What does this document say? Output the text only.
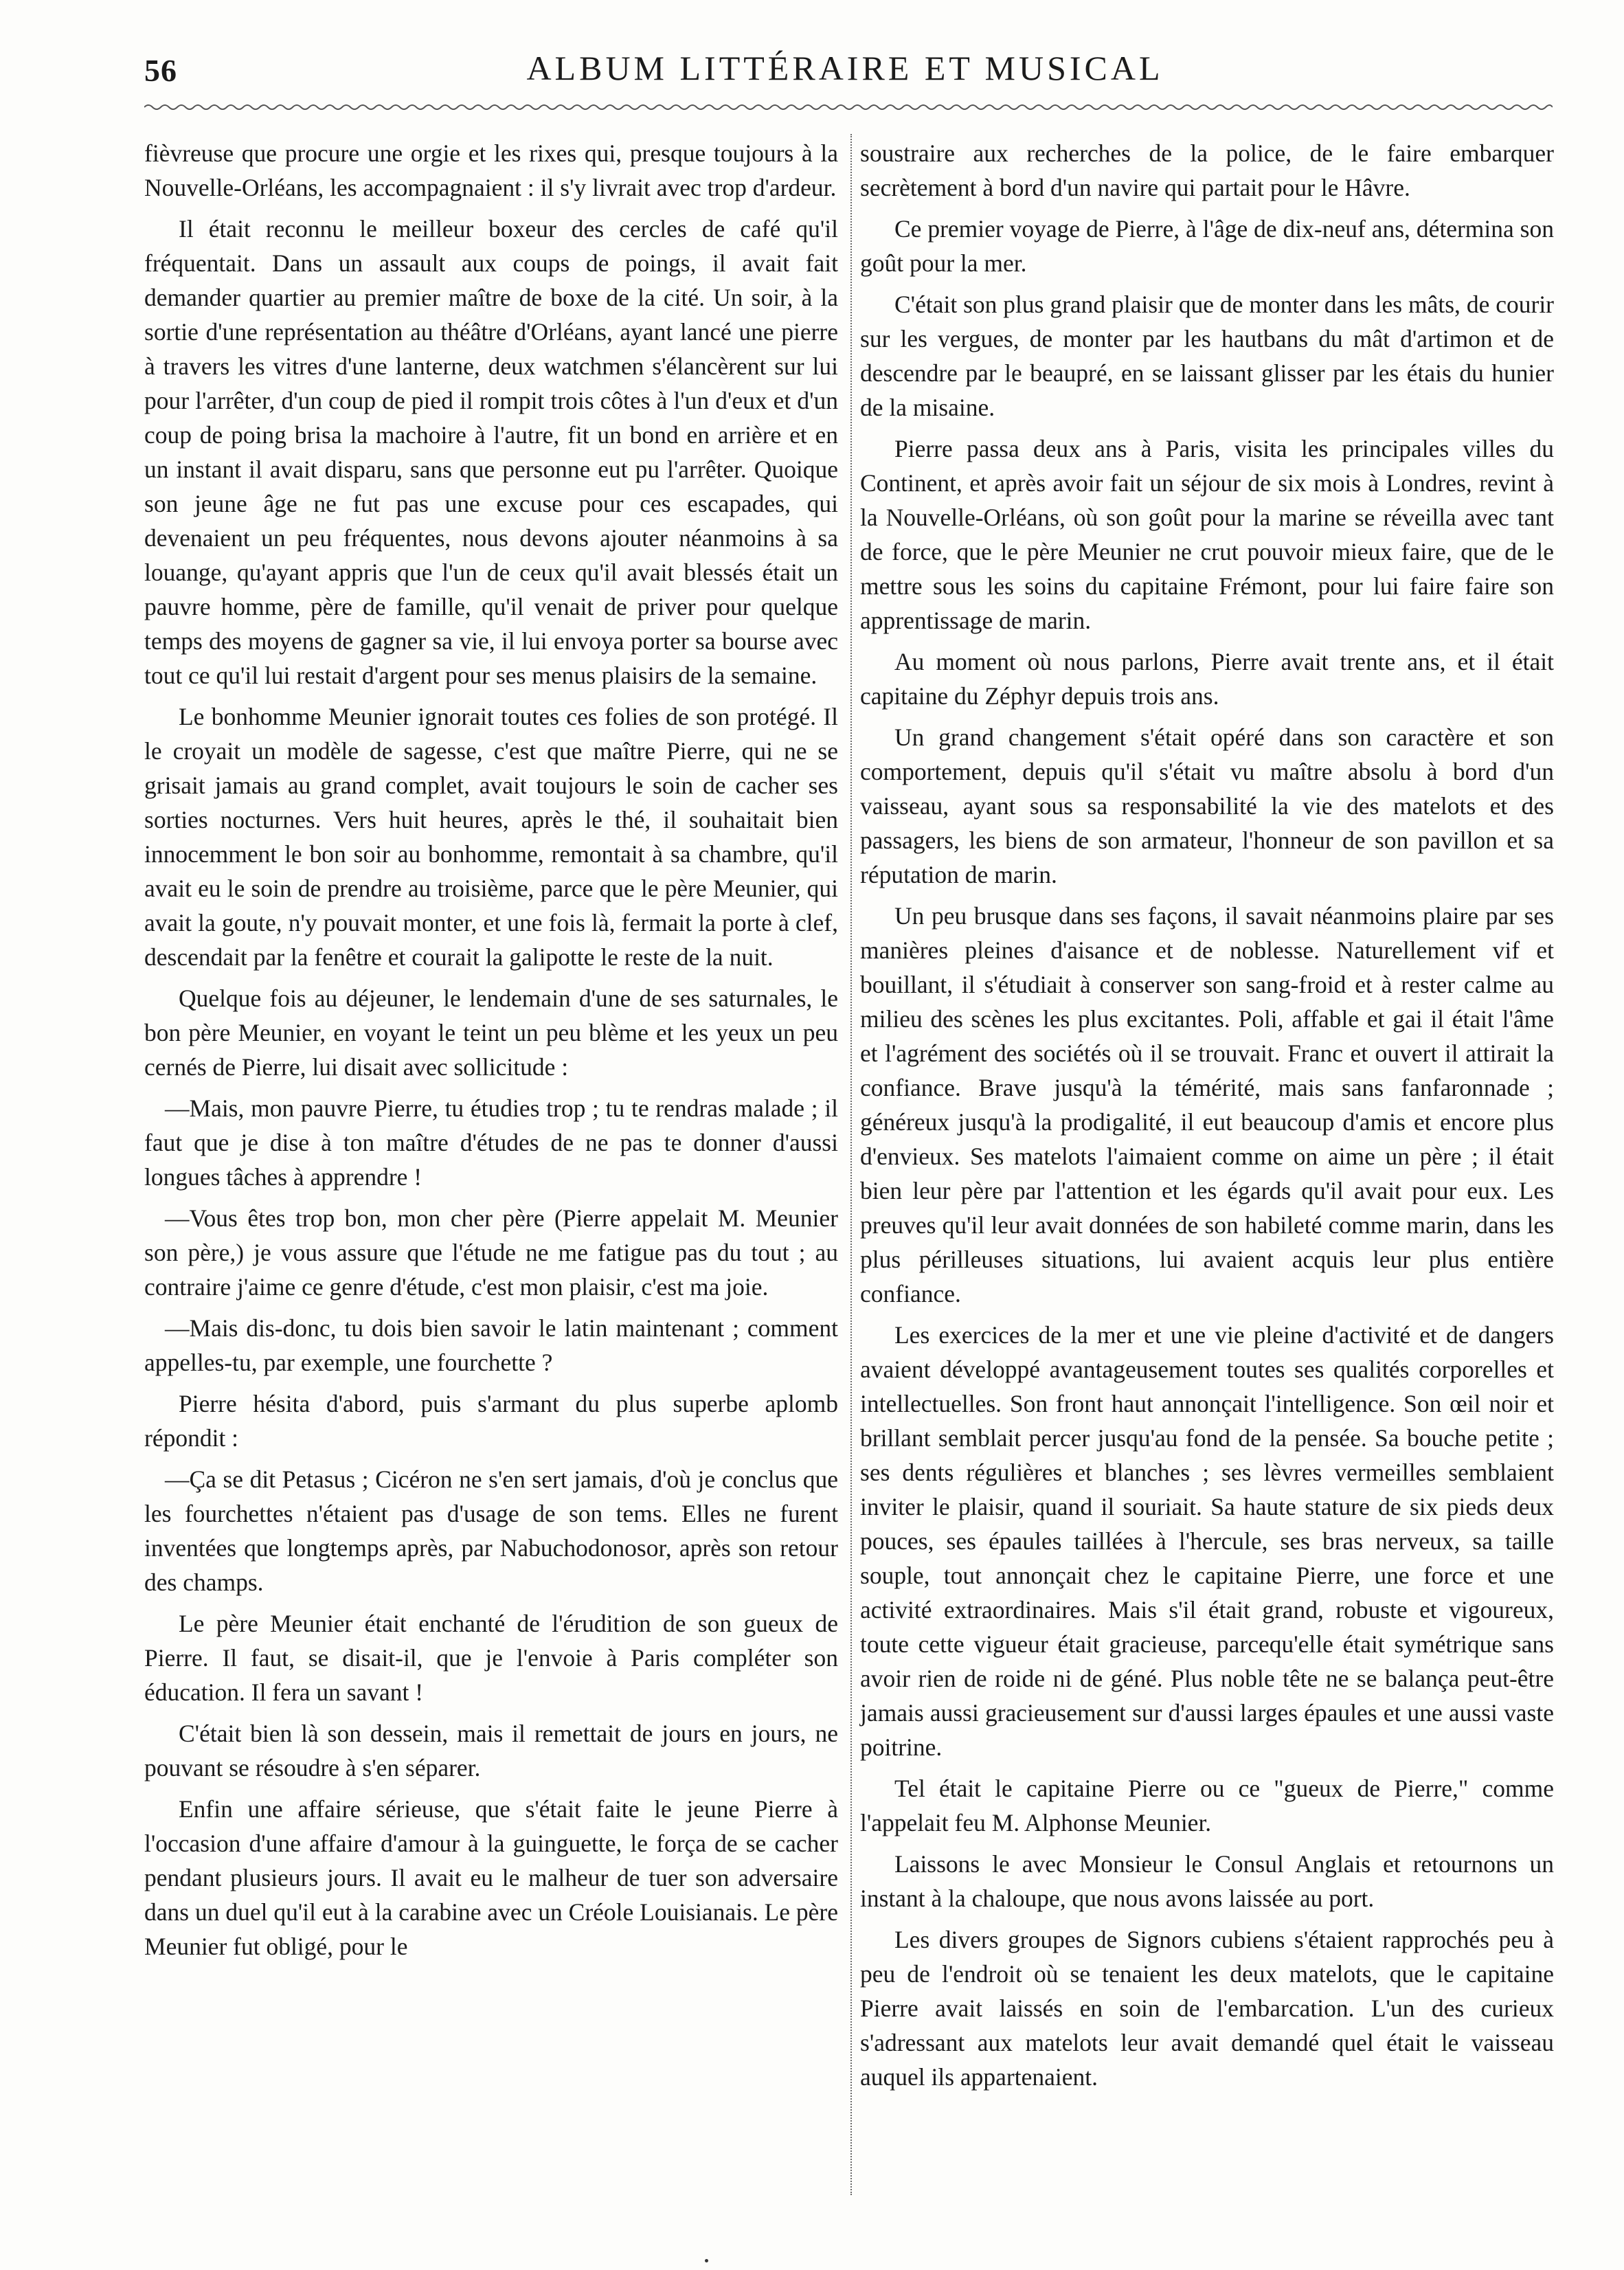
56	ALBUM LITTÉRAIRE ET MUSICAL

fièvreuse que procure une orgie et les rixes qui, presque toujours à la Nouvelle-Orléans, les accompagnaient : il s'y livrait avec trop d'ardeur.

Il était reconnu le meilleur boxeur des cercles de café qu'il fréquentait. Dans un assault aux coups de poings, il avait fait demander quartier au premier maître de boxe de la cité. Un soir, à la sortie d'une représentation au théâtre d'Orléans, ayant lancé une pierre à travers les vitres d'une lanterne, deux watchmen s'élancèrent sur lui pour l'arrêter, d'un coup de pied il rompit trois côtes à l'un d'eux et d'un coup de poing brisa la machoire à l'autre, fit un bond en arrière et en un instant il avait disparu, sans que personne eut pu l'arrêter. Quoique son jeune âge ne fut pas une excuse pour ces escapades, qui devenaient un peu fréquentes, nous devons ajouter néanmoins à sa louange, qu'ayant appris que l'un de ceux qu'il avait blessés était un pauvre homme, père de famille, qu'il venait de priver pour quelque temps des moyens de gagner sa vie, il lui envoya porter sa bourse avec tout ce qu'il lui restait d'argent pour ses menus plaisirs de la semaine.

Le bonhomme Meunier ignorait toutes ces folies de son protégé. Il le croyait un modèle de sagesse, c'est que maître Pierre, qui ne se grisait jamais au grand complet, avait toujours le soin de cacher ses sorties nocturnes. Vers huit heures, après le thé, il souhaitait bien innocemment le bon soir au bonhomme, remontait à sa chambre, qu'il avait eu le soin de prendre au troisième, parce que le père Meunier, qui avait la goute, n'y pouvait monter, et une fois là, fermait la porte à clef, descendait par la fenêtre et courait la galipotte le reste de la nuit.

Quelque fois au déjeuner, le lendemain d'une de ses saturnales, le bon père Meunier, en voyant le teint un peu blème et les yeux un peu cernés de Pierre, lui disait avec sollicitude :

—Mais, mon pauvre Pierre, tu étudies trop ; tu te rendras malade ; il faut que je dise à ton maître d'études de ne pas te donner d'aussi longues tâches à apprendre !

—Vous êtes trop bon, mon cher père (Pierre appelait M. Meunier son père,) je vous assure que l'étude ne me fatigue pas du tout ; au contraire j'aime ce genre d'étude, c'est mon plaisir, c'est ma joie.

—Mais dis-donc, tu dois bien savoir le latin maintenant ; comment appelles-tu, par exemple, une fourchette ?

Pierre hésita d'abord, puis s'armant du plus superbe aplomb répondit :

—Ça se dit Petasus ; Cicéron ne s'en sert jamais, d'où je conclus que les fourchettes n'étaient pas d'usage de son tems. Elles ne furent inventées que longtemps après, par Nabuchodonosor, après son retour des champs.

Le père Meunier était enchanté de l'érudition de son gueux de Pierre. Il faut, se disait-il, que je l'envoie à Paris compléter son éducation. Il fera un savant !

C'était bien là son dessein, mais il remettait de jours en jours, ne pouvant se résoudre à s'en séparer.

Enfin une affaire sérieuse, que s'était faite le jeune Pierre à l'occasion d'une affaire d'amour à la guinguette, le força de se cacher pendant plusieurs jours. Il avait eu le malheur de tuer son adversaire dans un duel qu'il eut à la carabine avec un Créole Louisianais. Le père Meunier fut obligé, pour le

soustraire aux recherches de la police, de le faire embarquer secrètement à bord d'un navire qui partait pour le Hâvre.

Ce premier voyage de Pierre, à l'âge de dix-neuf ans, détermina son goût pour la mer.

C'était son plus grand plaisir que de monter dans les mâts, de courir sur les vergues, de monter par les hautbans du mât d'artimon et de descendre par le beaupré, en se laissant glisser par les étais du hunier de la misaine.

Pierre passa deux ans à Paris, visita les principales villes du Continent, et après avoir fait un séjour de six mois à Londres, revint à la Nouvelle-Orléans, où son goût pour la marine se réveilla avec tant de force, que le père Meunier ne crut pouvoir mieux faire, que de le mettre sous les soins du capitaine Frémont, pour lui faire faire son apprentissage de marin.

Au moment où nous parlons, Pierre avait trente ans, et il était capitaine du Zéphyr depuis trois ans.

Un grand changement s'était opéré dans son caractère et son comportement, depuis qu'il s'était vu maître absolu à bord d'un vaisseau, ayant sous sa responsabilité la vie des matelots et des passagers, les biens de son armateur, l'honneur de son pavillon et sa réputation de marin.

Un peu brusque dans ses façons, il savait néanmoins plaire par ses manières pleines d'aisance et de noblesse. Naturellement vif et bouillant, il s'étudiait à conserver son sang-froid et à rester calme au milieu des scènes les plus excitantes. Poli, affable et gai il était l'âme et l'agrément des sociétés où il se trouvait. Franc et ouvert il attirait la confiance. Brave jusqu'à la témérité, mais sans fanfaronnade ; généreux jusqu'à la prodigalité, il eut beaucoup d'amis et encore plus d'envieux. Ses matelots l'aimaient comme on aime un père ; il était bien leur père par l'attention et les égards qu'il avait pour eux. Les preuves qu'il leur avait données de son habileté comme marin, dans les plus périlleuses situations, lui avaient acquis leur plus entière confiance.

Les exercices de la mer et une vie pleine d'activité et de dangers avaient développé avantageusement toutes ses qualités corporelles et intellectuelles. Son front haut annonçait l'intelligence. Son œil noir et brillant semblait percer jusqu'au fond de la pensée. Sa bouche petite ; ses dents régulières et blanches ; ses lèvres vermeilles semblaient inviter le plaisir, quand il souriait. Sa haute stature de six pieds deux pouces, ses épaules taillées à l'hercule, ses bras nerveux, sa taille souple, tout annonçait chez le capitaine Pierre, une force et une activité extraordinaires. Mais s'il était grand, robuste et vigoureux, toute cette vigueur était gracieuse, parcequ'elle était symétrique sans avoir rien de roide ni de géné. Plus noble tête ne se balança peut-être jamais aussi gracieusement sur d'aussi larges épaules et une aussi vaste poitrine.

Tel était le capitaine Pierre ou ce "gueux de Pierre," comme l'appelait feu M. Alphonse Meunier.

Laissons le avec Monsieur le Consul Anglais et retournons un instant à la chaloupe, que nous avons laissée au port.

Les divers groupes de Signors cubiens s'étaient rapprochés peu à peu de l'endroit où se tenaient les deux matelots, que le capitaine Pierre avait laissés en soin de l'embarcation. L'un des curieux s'adressant aux matelots leur avait demandé quel était le vaisseau auquel ils appartenaient.
